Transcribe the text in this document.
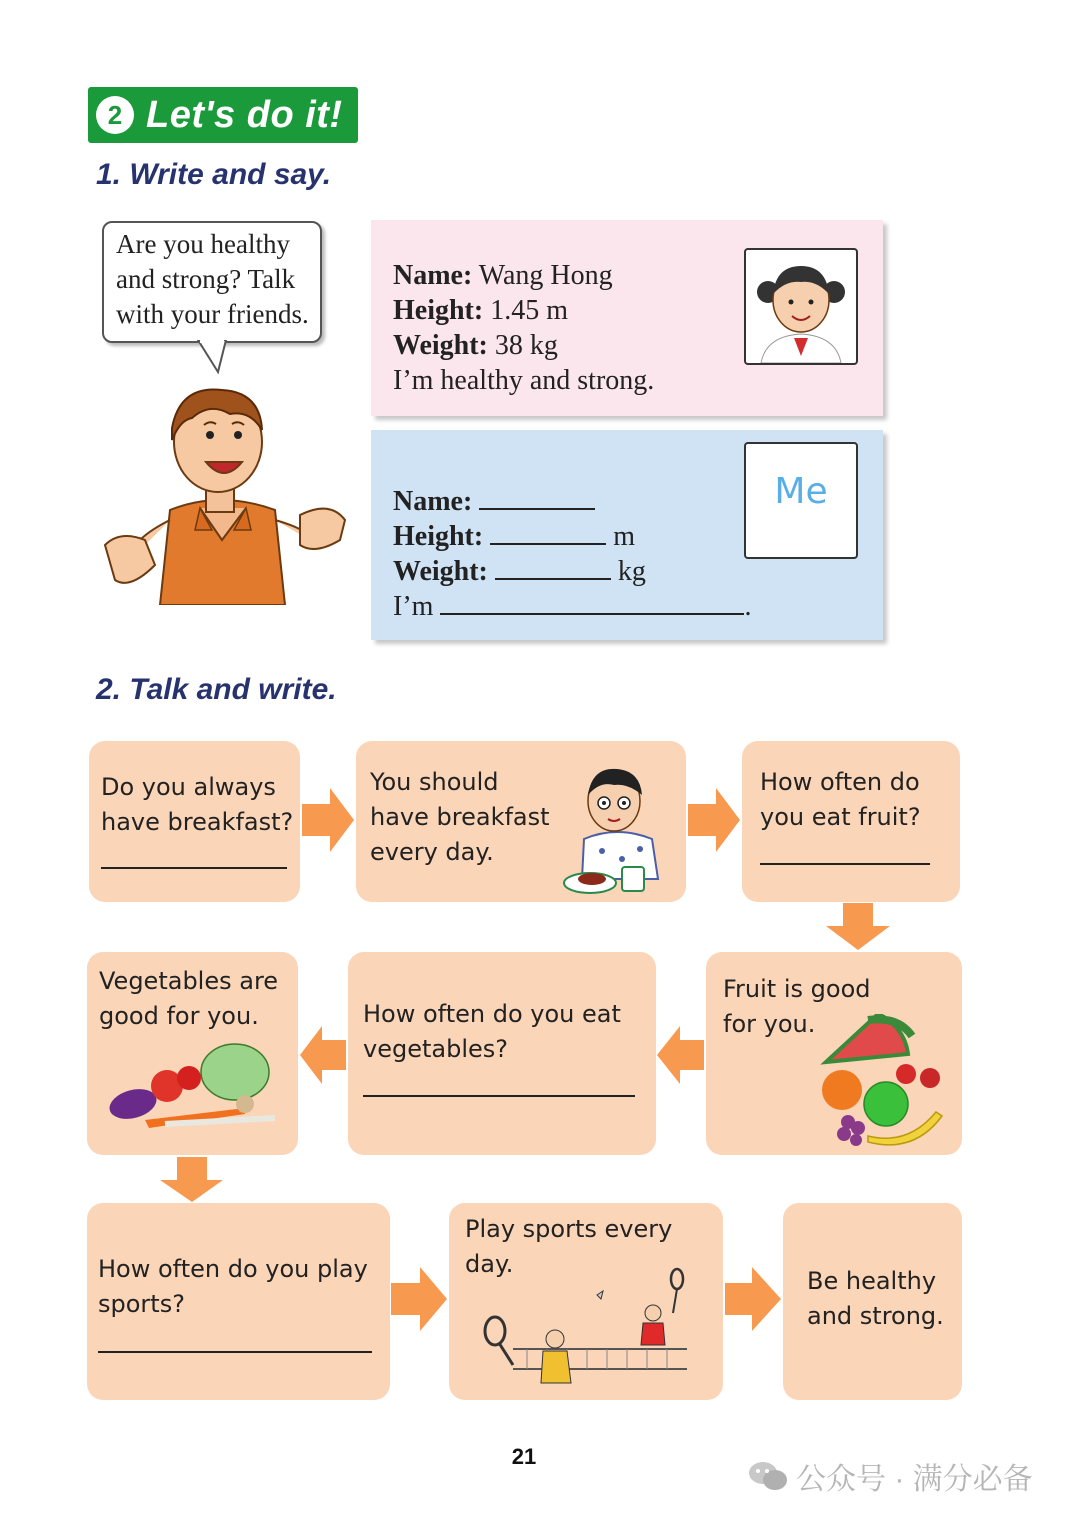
2 Let's do it!
1. Write and say.
Are you healthy
and strong? Talk
with your friends.
Name: Wang Hong
Height: 1.45 m
Weight: 38 kg
I’m healthy and strong.
Name:
Height:	m
Weight:	kg
I’m	.
Me
2. Talk and write.
Do you always
have breakfast?
You should
have breakfast
every day.
How often do
you eat fruit?
Vegetables are
good for you.	How often do you eat
vegetables?
Fruit is good
for you.
How often do you play
sports?
Play sports every day.
Be healthy
and strong.
21
公众号 · 满分必备
